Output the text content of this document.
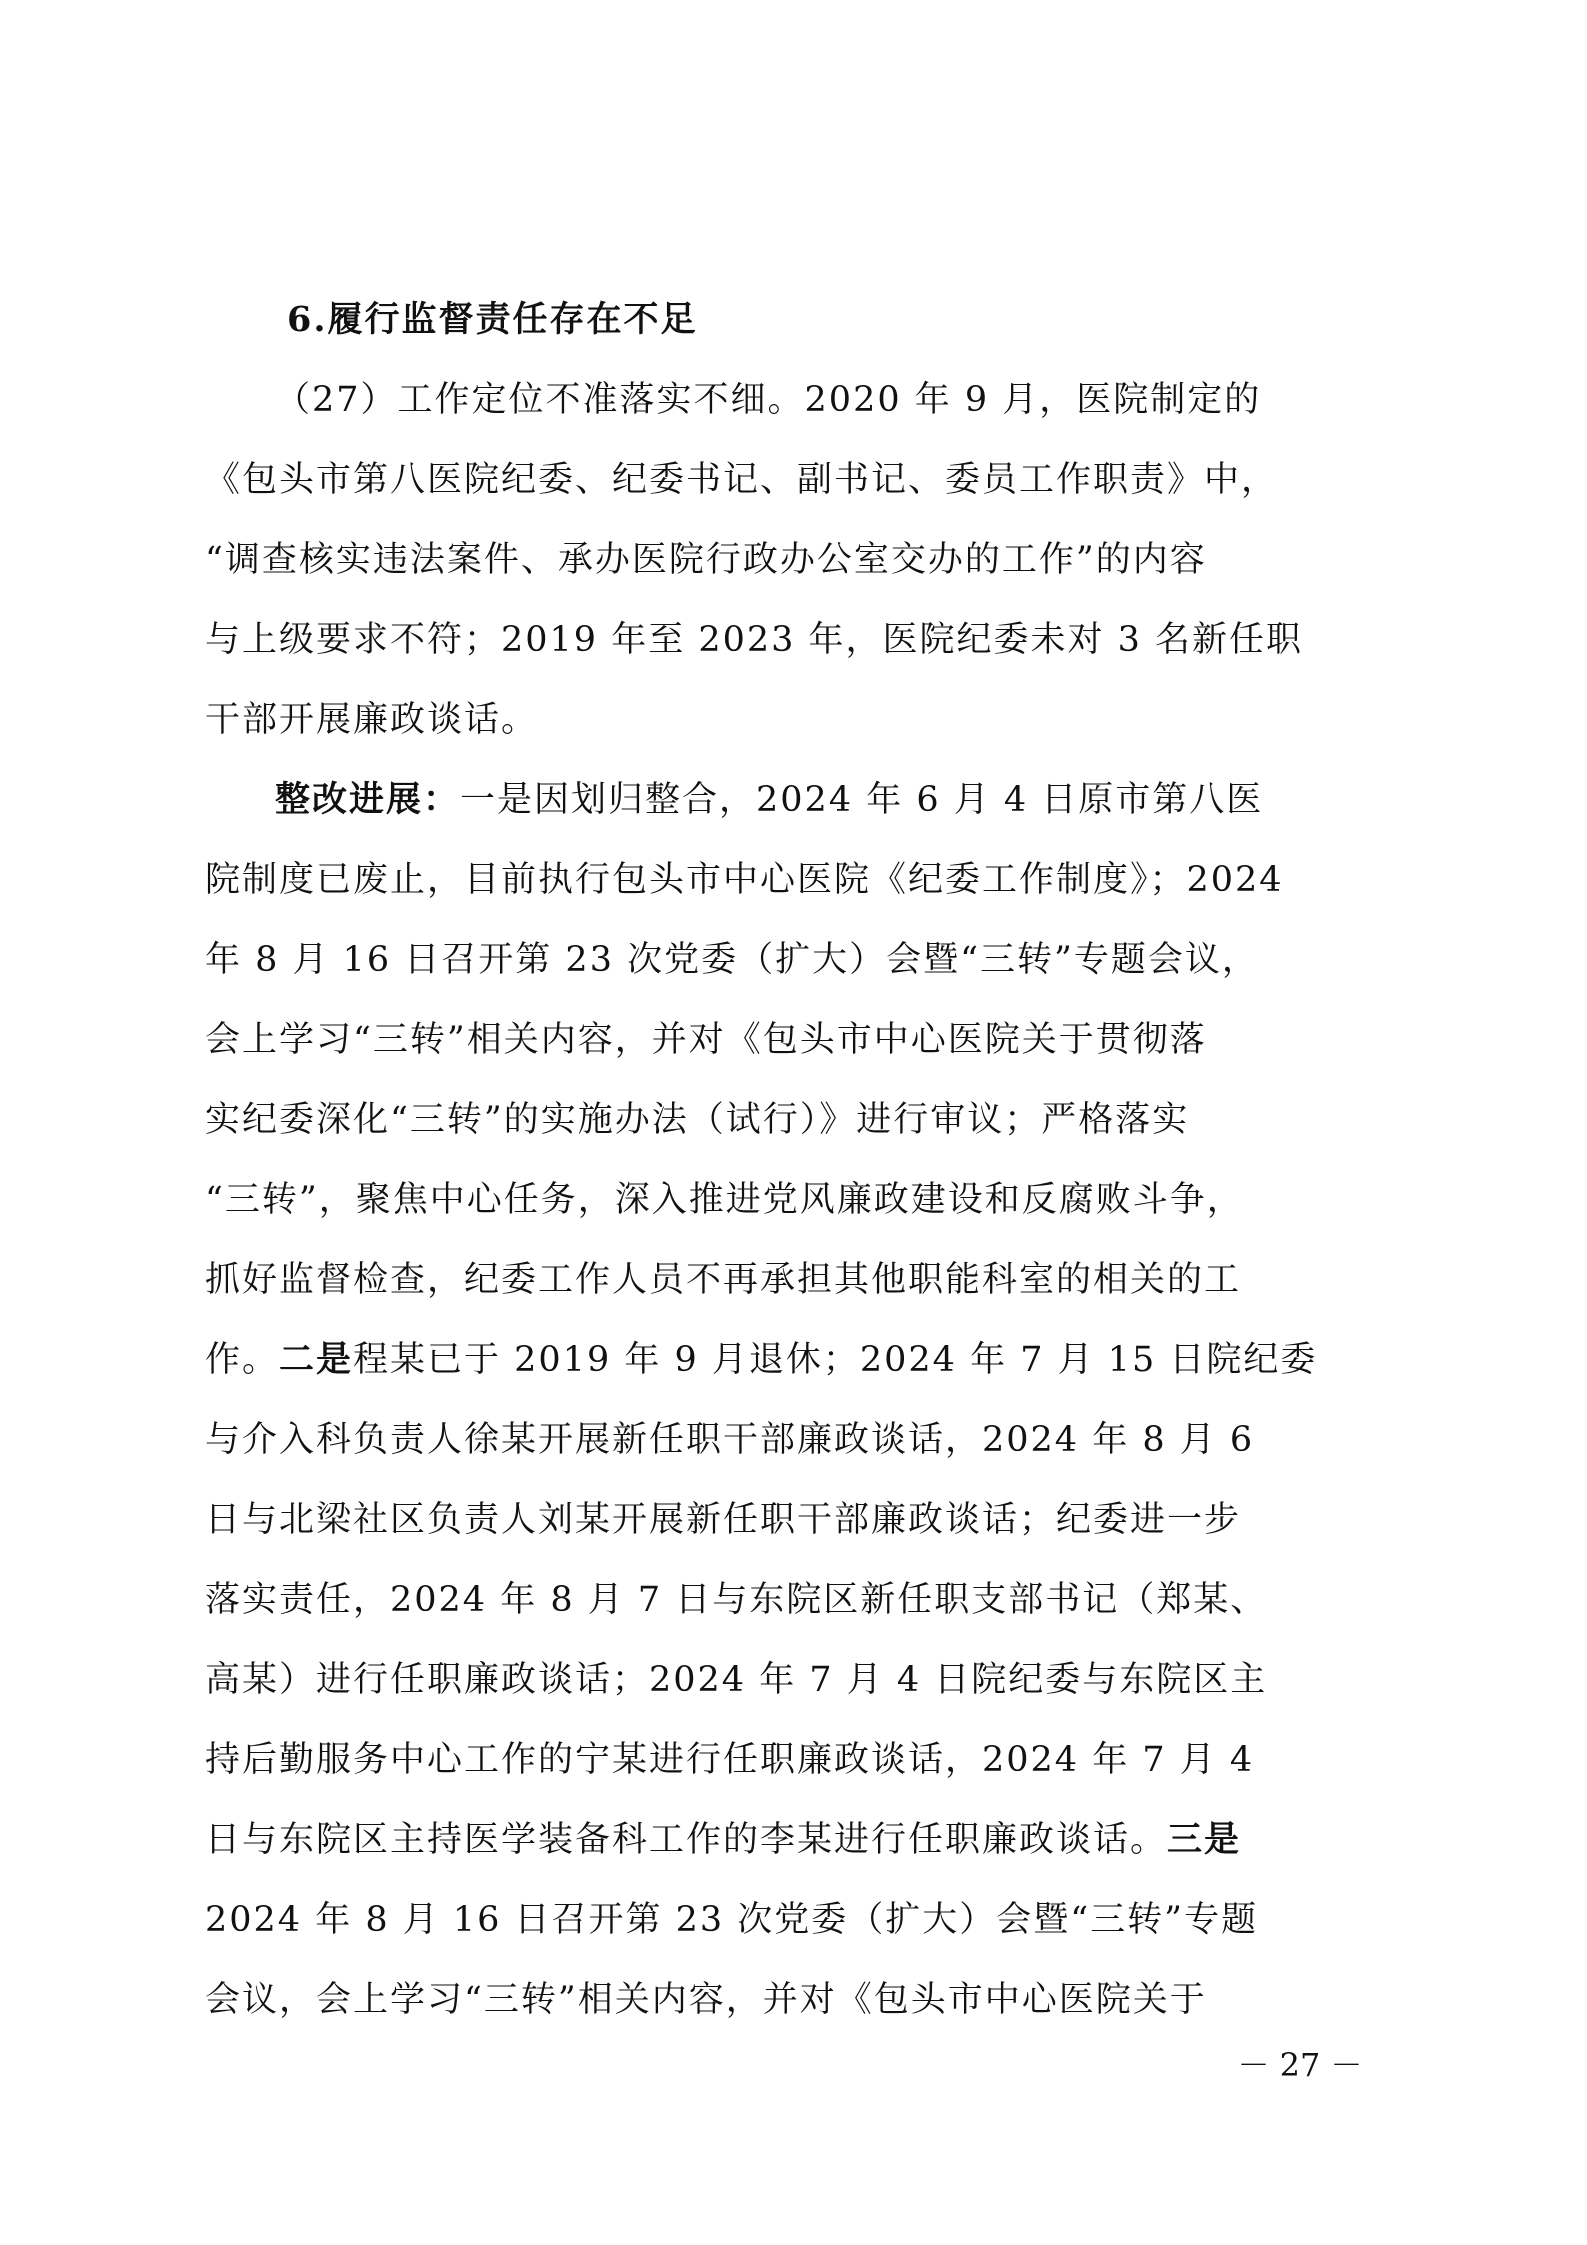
6.履行监督责任存在不足
（27）工作定位不准落实不细。2020 年 9 月，医院制定的
《包头市第八医院纪委、纪委书记、副书记、委员工作职责》中，
“调查核实违法案件、承办医院行政办公室交办的工作”的内容
与上级要求不符；2019 年至 2023 年，医院纪委未对 3 名新任职
干部开展廉政谈话。
整改进展：一是因划归整合，2024 年 6 月 4 日原市第八医
院制度已废止，目前执行包头市中心医院《纪委工作制度》；2024
年 8 月 16 日召开第 23 次党委（扩大）会暨“三转”专题会议，
会上学习“三转”相关内容，并对《包头市中心医院关于贯彻落
实纪委深化“三转”的实施办法（试行）》进行审议；严格落实
“三转”，聚焦中心任务，深入推进党风廉政建设和反腐败斗争，
抓好监督检查，纪委工作人员不再承担其他职能科室的相关的工
作。二是程某已于 2019 年 9 月退休；2024 年 7 月 15 日院纪委
与介入科负责人徐某开展新任职干部廉政谈话，2024 年 8 月 6
日与北梁社区负责人刘某开展新任职干部廉政谈话；纪委进一步
落实责任，2024 年 8 月 7 日与东院区新任职支部书记（郑某、
高某）进行任职廉政谈话；2024 年 7 月 4 日院纪委与东院区主
持后勤服务中心工作的宁某进行任职廉政谈话，2024 年 7 月 4
日与东院区主持医学装备科工作的李某进行任职廉政谈话。三是
2024 年 8 月 16 日召开第 23 次党委（扩大）会暨“三转”专题
会议，会上学习“三转”相关内容，并对《包头市中心医院关于
－ 27 －
